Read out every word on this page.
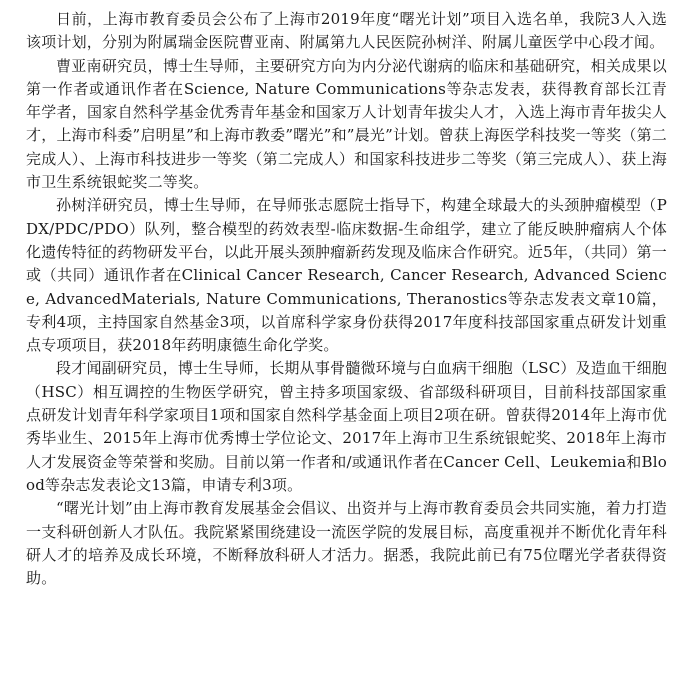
日前，上海市教育委员会公布了上海市2019年度“曙光计划”项目入选名单，我院3人入选该项计划，分别为附属瑞金医院曹亚南、附属第九人民医院孙树洋、附属儿童医学中心段才闻。

曹亚南研究员，博士生导师，主要研究方向为内分泌代谢病的临床和基础研究，相关成果以第一作者或通讯作者在Science, Nature Communications等杂志发表，获得教育部长江青年学者，国家自然科学基金优秀青年基金和国家万人计划青年拔尖人才，入选上海市青年拔尖人才，上海市科委”启明星”和上海市教委”曙光”和”晨光”计划。曾获上海医学科技奖一等奖（第二完成人）、上海市科技进步一等奖（第二完成人）和国家科技进步二等奖（第三完成人）、获上海市卫生系统银蛇奖二等奖。

孙树洋研究员，博士生导师，在导师张志愿院士指导下，构建全球最大的头颈肿瘤模型（PDX/PDC/PDO）队列，整合模型的药效表型-临床数据-生命组学，建立了能反映肿瘤病人个体化遗传特征的药物研发平台，以此开展头颈肿瘤新药发现及临床合作研究。近5年，（共同）第一或（共同）通讯作者在Clinical Cancer Research, Cancer Research, Advanced Science, AdvancedMaterials, Nature Communications, Theranostics等杂志发表文章10篇，专利4项，主持国家自然基金3项，以首席科学家身份获得2017年度科技部国家重点研发计划重点专项项目，获2018年药明康德生命化学奖。

段才闻副研究员，博士生导师，长期从事骨髓微环境与白血病干细胞（LSC）及造血干细胞（HSC）相互调控的生物医学研究，曾主持多项国家级、省部级科研项目，目前科技部国家重点研发计划青年科学家项目1项和国家自然科学基金面上项目2项在研。曾获得2014年上海市优秀毕业生、2015年上海市优秀博士学位论文、2017年上海市卫生系统银蛇奖、2018年上海市人才发展资金等荣誉和奖励。目前以第一作者和/或通讯作者在Cancer Cell、Leukemia和Blood等杂志发表论文13篇，申请专利3项。

“曙光计划”由上海市教育发展基金会倡议、出资并与上海市教育委员会共同实施，着力打造一支科研创新人才队伍。我院紧紧围绕建设一流医学院的发展目标，高度重视并不断优化青年科研人才的培养及成长环境，不断释放科研人才活力。据悉，我院此前已有75位曙光学者获得资助。
